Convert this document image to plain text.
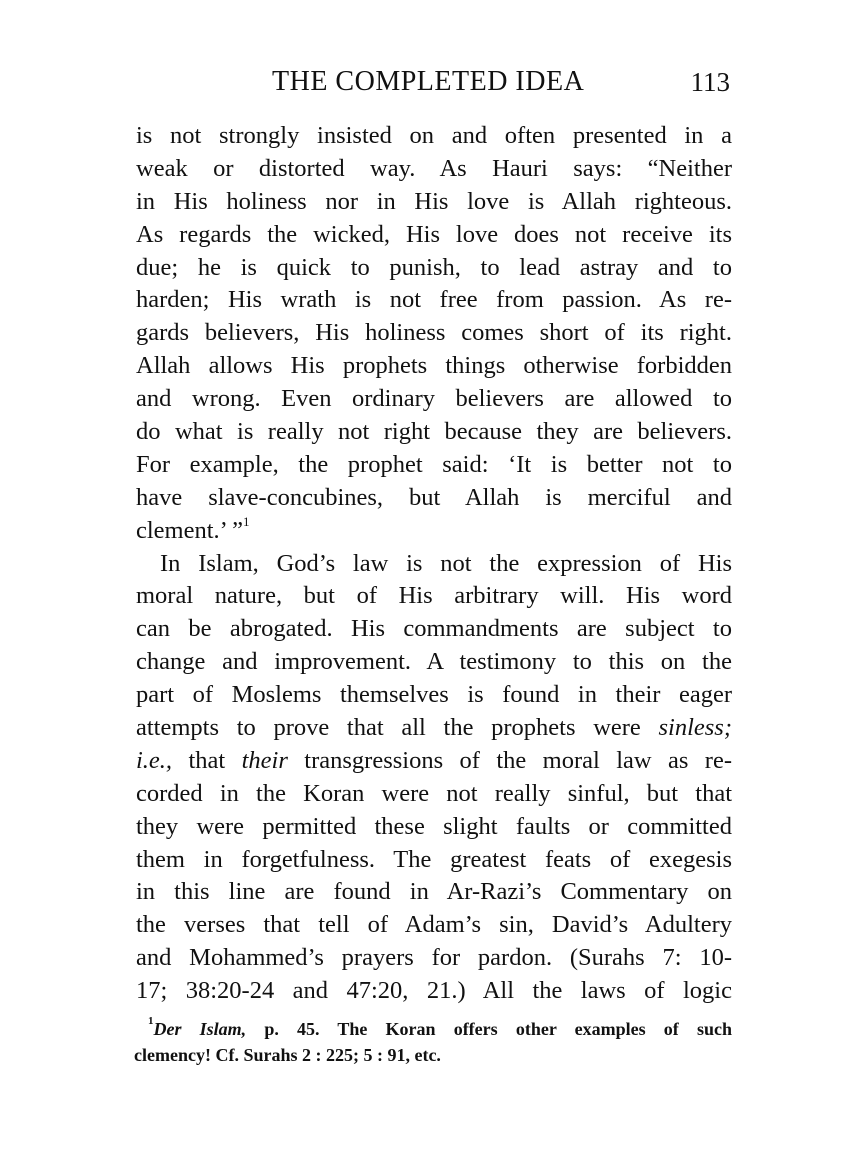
THE COMPLETED IDEA	113
is not strongly insisted on and often presented in a
weak or distorted way. As Hauri says: “Neither
in His holiness nor in His love is Allah righteous.
As regards the wicked, His love does not receive its
due; he is quick to punish, to lead astray and to
harden; His wrath is not free from passion. As re-
gards believers, His holiness comes short of its right.
Allah allows His prophets things otherwise forbidden
and wrong. Even ordinary believers are allowed to
do what is really not right because they are believers.
For example, the prophet said: ‘It is better not to
have slave-concubines, but Allah is merciful and
clement.’ ”$^1$
In Islam, God’s law is not the expression of His
moral nature, but of His arbitrary will. His word
can be abrogated. His commandments are subject to
change and improvement. A testimony to this on the
part of Moslems themselves is found in their eager
attempts to prove that all the prophets were sinless;
i.e., that their transgressions of the moral law as re-
corded in the Koran were not really sinful, but that
they were permitted these slight faults or committed
them in forgetfulness. The greatest feats of exegesis
in this line are found in Ar-Razi’s Commentary on
the verses that tell of Adam’s sin, David’s Adultery
and Mohammed’s prayers for pardon. (Surahs 7: 10-
17; 38:20-24 and 47:20, 21.) All the laws of logic
$^1$Der Islam, p. 45. The Koran offers other examples of such
clemency! Cf. Surahs 2 : 225; 5 : 91, etc.
